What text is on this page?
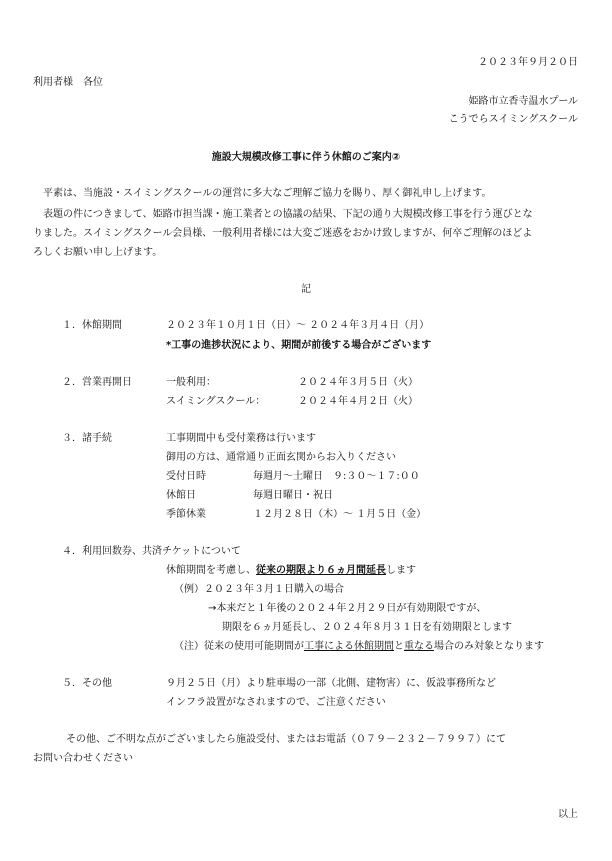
２０２３年９月２０日
利用者様　各位
姫路市立香寺温水プール
こうでらスイミングスクール
施設大規模改修工事に伴う休館のご案内②
　平素は、当施設・スイミングスクールの運営に多大なご理解ご協力を賜り、厚く御礼申し上げます。
　表題の件につきまして、姫路市担当課・施工業者との協議の結果、下記の通り大規模改修工事を行う運びとな
りました。スイミングスクール会員様、一般利用者様には大変ご迷惑をおかけ致しますが、何卒ご理解のほどよ
ろしくお願い申し上げます。
記
１．休館期間	２０２３年１０月１日（日）～ ２０２４年３月４日（月）
*工事の進捗状況により、期間が前後する場合がございます
２．営業再開日	一般利用：	２０２４年３月５日（火）
スイミングスクール：	２０２４年４月２日（火）
３．諸手続	工事期間中も受付業務は行います
御用の方は、通常通り正面玄関からお入りください
受付日時	毎週月～土曜日　９:３０～１７:００
休館日	毎週日曜日・祝日
季節休業	１２月２８日（木）～ １月５日（金）
４．利用回数券、共済チケットについて
休館期間を考慮し、従来の期限より６ヵ月間延長します
（例）２０２３年３月１日購入の場合
→本来だと１年後の２０２４年２月２９日が有効期限ですが、
期限を６ヵ月延長し、２０２４年８月３１日を有効期限とします
（注）従来の使用可能期間が工事による休館期間と重なる場合のみ対象となります
５．その他	９月２５日（月）より駐車場の一部（北側、建物害）に、仮設事務所など
インフラ設置がなされますので、ご注意ください
その他、ご不明な点がございましたら施設受付、またはお電話（０７９－２３２－７９９７）にて
お問い合わせください
以上
